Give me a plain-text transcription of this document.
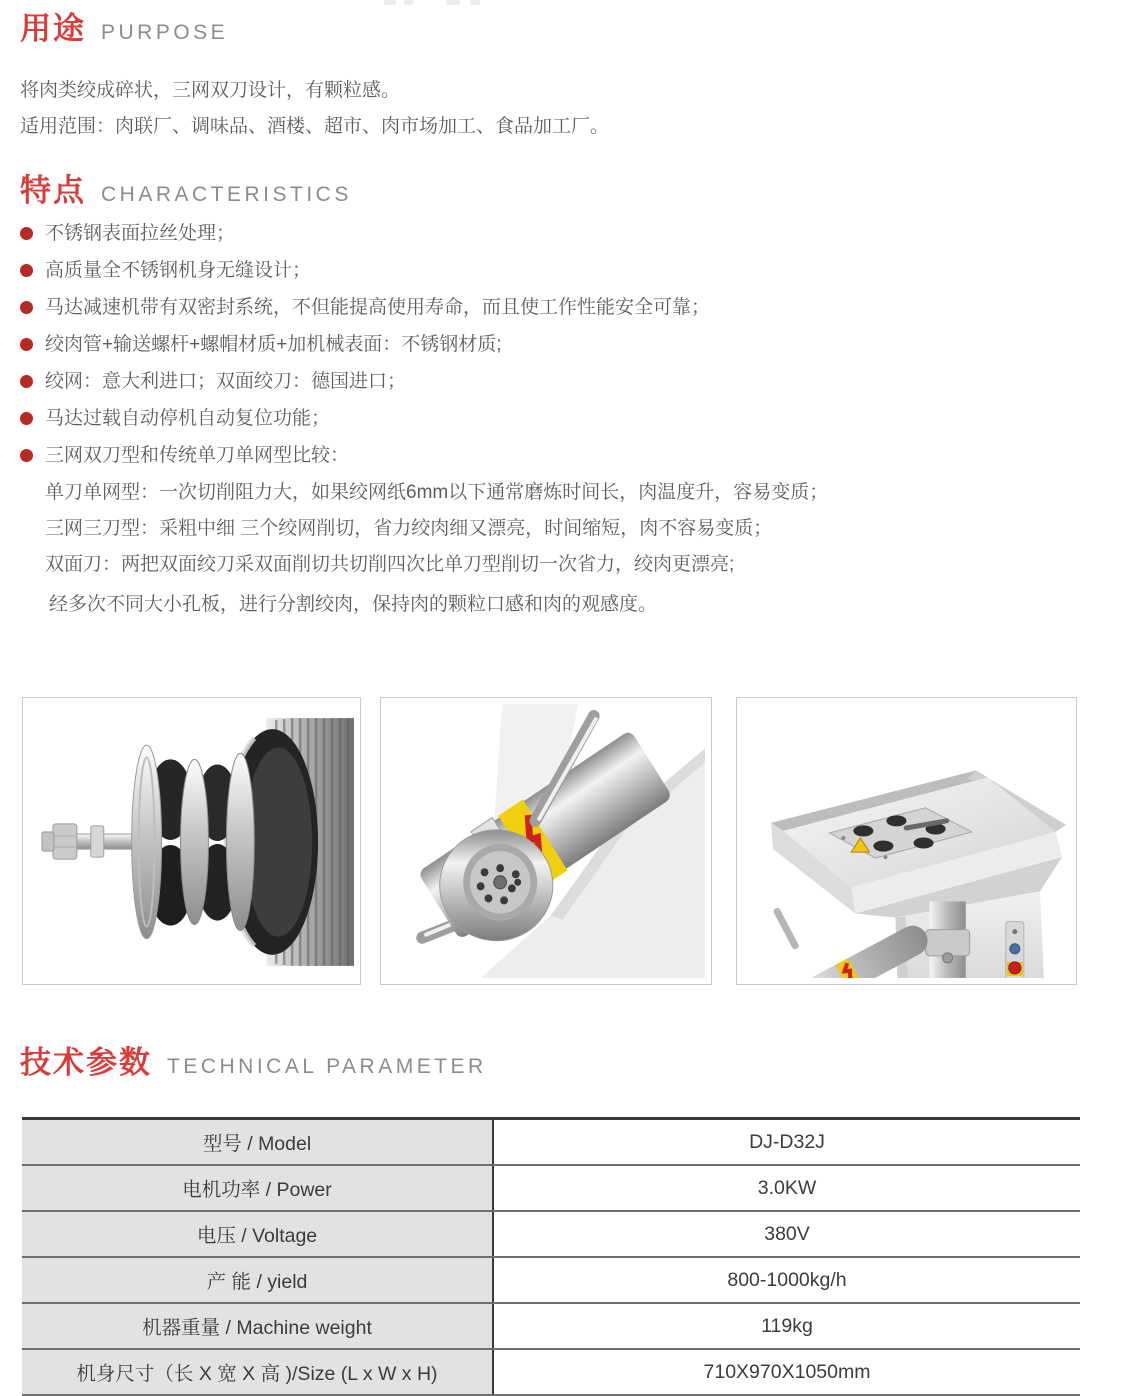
用途 PURPOSE
将肉类绞成碎状，三网双刀设计，有颗粒感。
适用范围：肉联厂、调味品、酒楼、超市、肉市场加工、食品加工厂。
特点 CHARACTERISTICS
不锈钢表面拉丝处理；
高质量全不锈钢机身无缝设计；
马达减速机带有双密封系统，不但能提高使用寿命，而且使工作性能安全可靠；
绞肉管+输送螺杆+螺帽材质+加机械表面：不锈钢材质;
绞网：意大利进口；双面绞刀：德国进口；
马达过载自动停机自动复位功能；
三网双刀型和传统单刀单网型比较：
单刀单网型：一次切削阻力大，如果绞网纸6mm以下通常磨炼时间长，肉温度升，容易变质；
三网三刀型：采粗中细 三个绞网削切，省力绞肉细又漂亮，时间缩短，肉不容易变质；
双面刀：两把双面绞刀采双面削切共切削四次比单刀型削切一次省力，绞肉更漂亮;
经多次不同大小孔板，进行分割绞肉，保持肉的颗粒口感和肉的观感度。
技术参数 TECHNICAL PARAMETER
型号 / Model	DJ-D32J
电机功率 / Power	3.0KW
电压 / Voltage	380V
产 能 / yield	800-1000kg/h
机器重量 / Machine weight	119kg
机身尺寸（长 X 宽 X 高 )/Size (L x W x H)	710X970X1050mm
